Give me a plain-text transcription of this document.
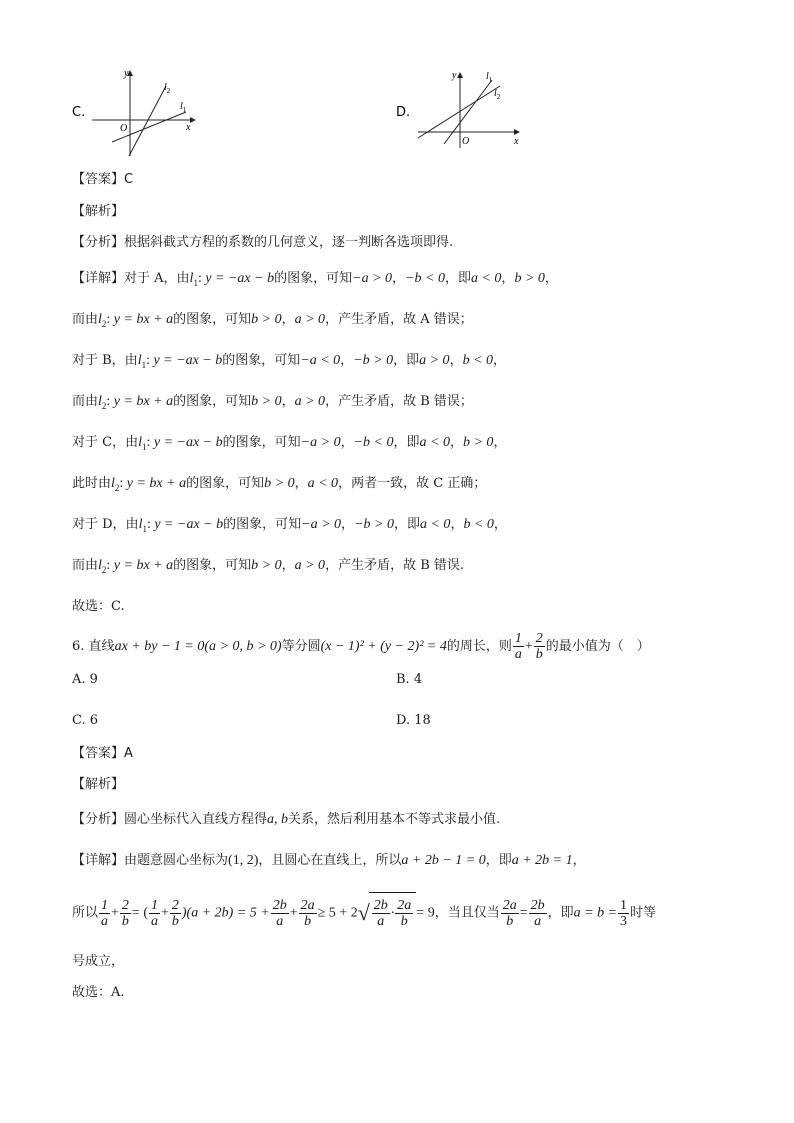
C.
y
x
O
$l_2$
$l_1$	D.
y
x
O
$l_1$
$l_2$
【答案】C
【解析】
【分析】根据斜截式方程的系数的几何意义，逐一判断各选项即得.
【详解】对于 A，由$l_1$: y = −ax − b的图象，可知−a > 0，−b < 0，即a < 0，b > 0，
而由$l_2$: y = bx + a的图象，可知b > 0，a > 0，产生矛盾，故 A 错误；
对于 B，由$l_1$: y = −ax − b的图象，可知−a < 0，−b > 0，即a > 0，b < 0，
而由$l_2$: y = bx + a的图象，可知b > 0，a > 0，产生矛盾，故 B 错误；
对于 C，由$l_1$: y = −ax − b的图象，可知−a > 0，−b < 0，即a < 0，b > 0，
此时由$l_2$: y = bx + a的图象，可知b > 0，a < 0，两者一致，故 C 正确；
对于 D，由$l_1$: y = −ax − b的图象，可知−a > 0，−b > 0，即a < 0，b < 0，
而由$l_2$: y = bx + a的图象，可知b > 0，a > 0，产生矛盾，故 B 错误.
故选：C.
6. 直线ax + by − 1 = 0(a > 0, b > 0)等分圆(x − 1)² + (y − 2)² = 4的周长，则 $\frac{1}{a} + \frac{2}{b}$ 的最小值为（　）
A. 9	B. 4
C. 6	D. 18
【答案】A
【解析】
【分析】圆心坐标代入直线方程得a, b关系，然后利用基本不等式求最小值.
【详解】由题意圆心坐标为(1, 2)，且圆心在直线上，所以a + 2b − 1 = 0，即a + 2b = 1，
所以 $\frac{1}{a} + \frac{2}{b}$ = ( $\frac{1}{a} + \frac{2}{b} )(a + 2b) = 5 + \frac{2b}{a} + \frac{2a}{b} \ge 5 + 2√ \frac{2b}{a} \cdot \frac{2a}{b} = 9$，当且仅当 $\frac{2a}{b} = \frac{2b}{a}$ ，即$a = b = \frac{1}{3}$ 时等
号成立，
故选：A.
